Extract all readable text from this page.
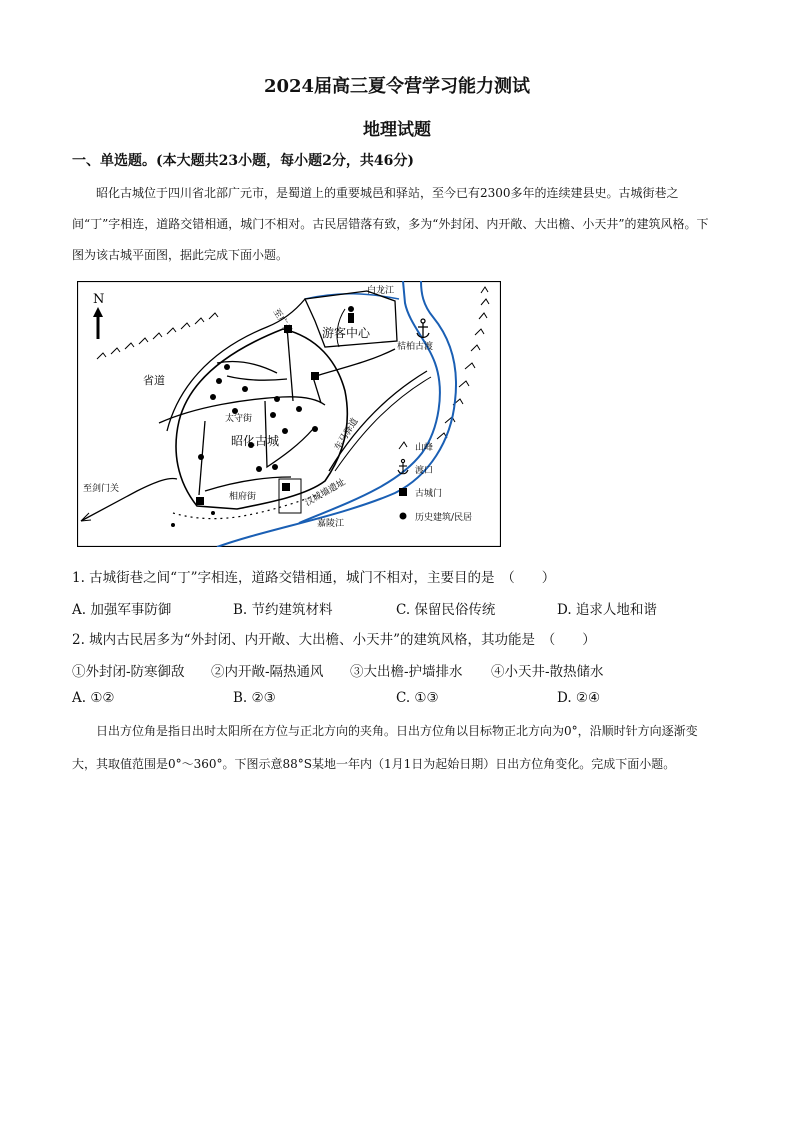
2024届高三夏令营学习能力测试
地理试题
一、单选题。(本大题共23小题，每小题2分，共46分)
昭化古城位于四川省北部广元市，是蜀道上的重要城邑和驿站，至今已有2300多年的连续建县史。古城街巷之间“丁”字相连，道路交错相通，城门不相对。古民居错落有致，多为“外封闭、内开敞、大出檐、小天井”的建筑风格。下图为该古城平面图，据此完成下面小题。
N
至广元
白龙江
游客中心
桔柏古渡
省道
太守街
昭化古城	车马驿道
至剑门关
相府街	汉城墙遗址
嘉陵江
山峰
渡口
古城门
历史建筑/民居
1. 古城街巷之间“丁”字相连，道路交错相通，城门不相对，主要目的是　（　　）
A. 加强军事防御	B. 节约建筑材料	C. 保留民俗传统	D. 追求人地和谐
2. 城内古民居多为“外封闭、内开敞、大出檐、小天井”的建筑风格，其功能是　（　　）
①外封闭-防寒御敌 ②内开敞-隔热通风 ③大出檐-护墙排水 ④小天井-散热储水
A. ①②	B. ②③	C. ①③	D. ②④
日出方位角是指日出时太阳所在方位与正北方向的夹角。日出方位角以目标物正北方向为0°，沿顺时针方向逐渐变大，其取值范围是0°～360°。下图示意88°S某地一年内（1月1日为起始日期）日出方位角变化。完成下面小题。
